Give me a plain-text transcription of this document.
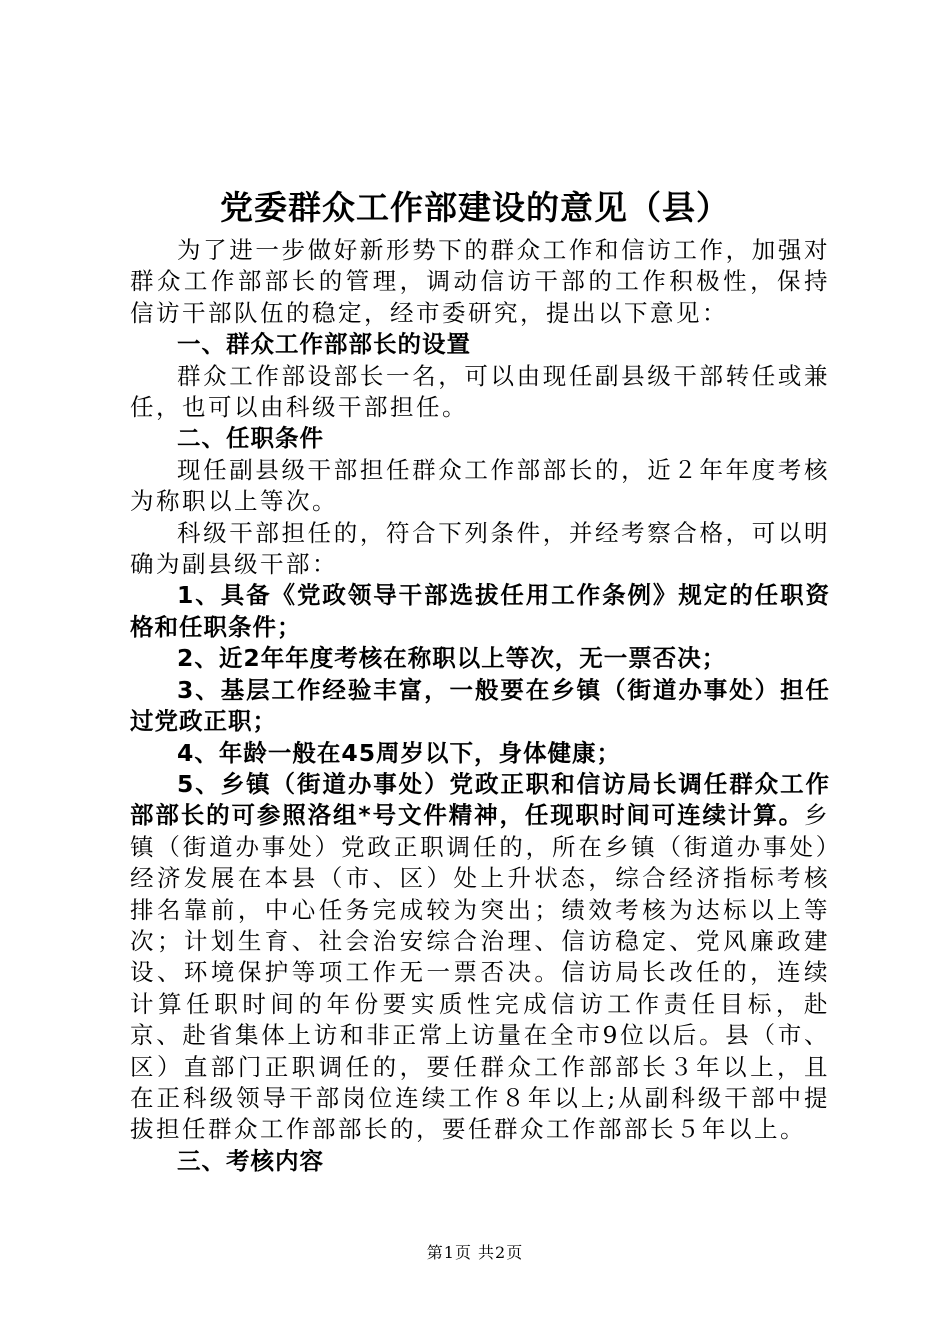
党委群众工作部建设的意见（县）

为了进一步做好新形势下的群众工作和信访工作，加强对群众工作部部长的管理，调动信访干部的工作积极性，保持信访干部队伍的稳定，经市委研究，提出以下意见：

一、群众工作部部长的设置

群众工作部设部长一名，可以由现任副县级干部转任或兼任，也可以由科级干部担任。

二、任职条件

现任副县级干部担任群众工作部部长的，近２年年度考核为称职以上等次。

科级干部担任的，符合下列条件，并经考察合格，可以明确为副县级干部：

1、具备《党政领导干部选拔任用工作条例》规定的任职资格和任职条件；

2、近2年年度考核在称职以上等次，无一票否决；

3、基层工作经验丰富，一般要在乡镇（街道办事处）担任过党政正职；

4、年龄一般在45周岁以下，身体健康；

5、乡镇（街道办事处）党政正职和信访局长调任群众工作部部长的可参照洛组*号文件精神，任现职时间可连续计算。乡镇（街道办事处）党政正职调任的，所在乡镇（街道办事处）经济发展在本县（市、区）处上升状态，综合经济指标考核排名靠前，中心任务完成较为突出；绩效考核为达标以上等次；计划生育、社会治安综合治理、信访稳定、党风廉政建设、环境保护等项工作无一票否决。信访局长改任的，连续计算任职时间的年份要实质性完成信访工作责任目标，赴京、赴省集体上访和非正常上访量在全市9位以后。县（市、区）直部门正职调任的，要任群众工作部部长３年以上，且在正科级领导干部岗位连续工作８年以上;从副科级干部中提拔担任群众工作部部长的，要任群众工作部部长５年以上。

三、考核内容

第1页 共2页
